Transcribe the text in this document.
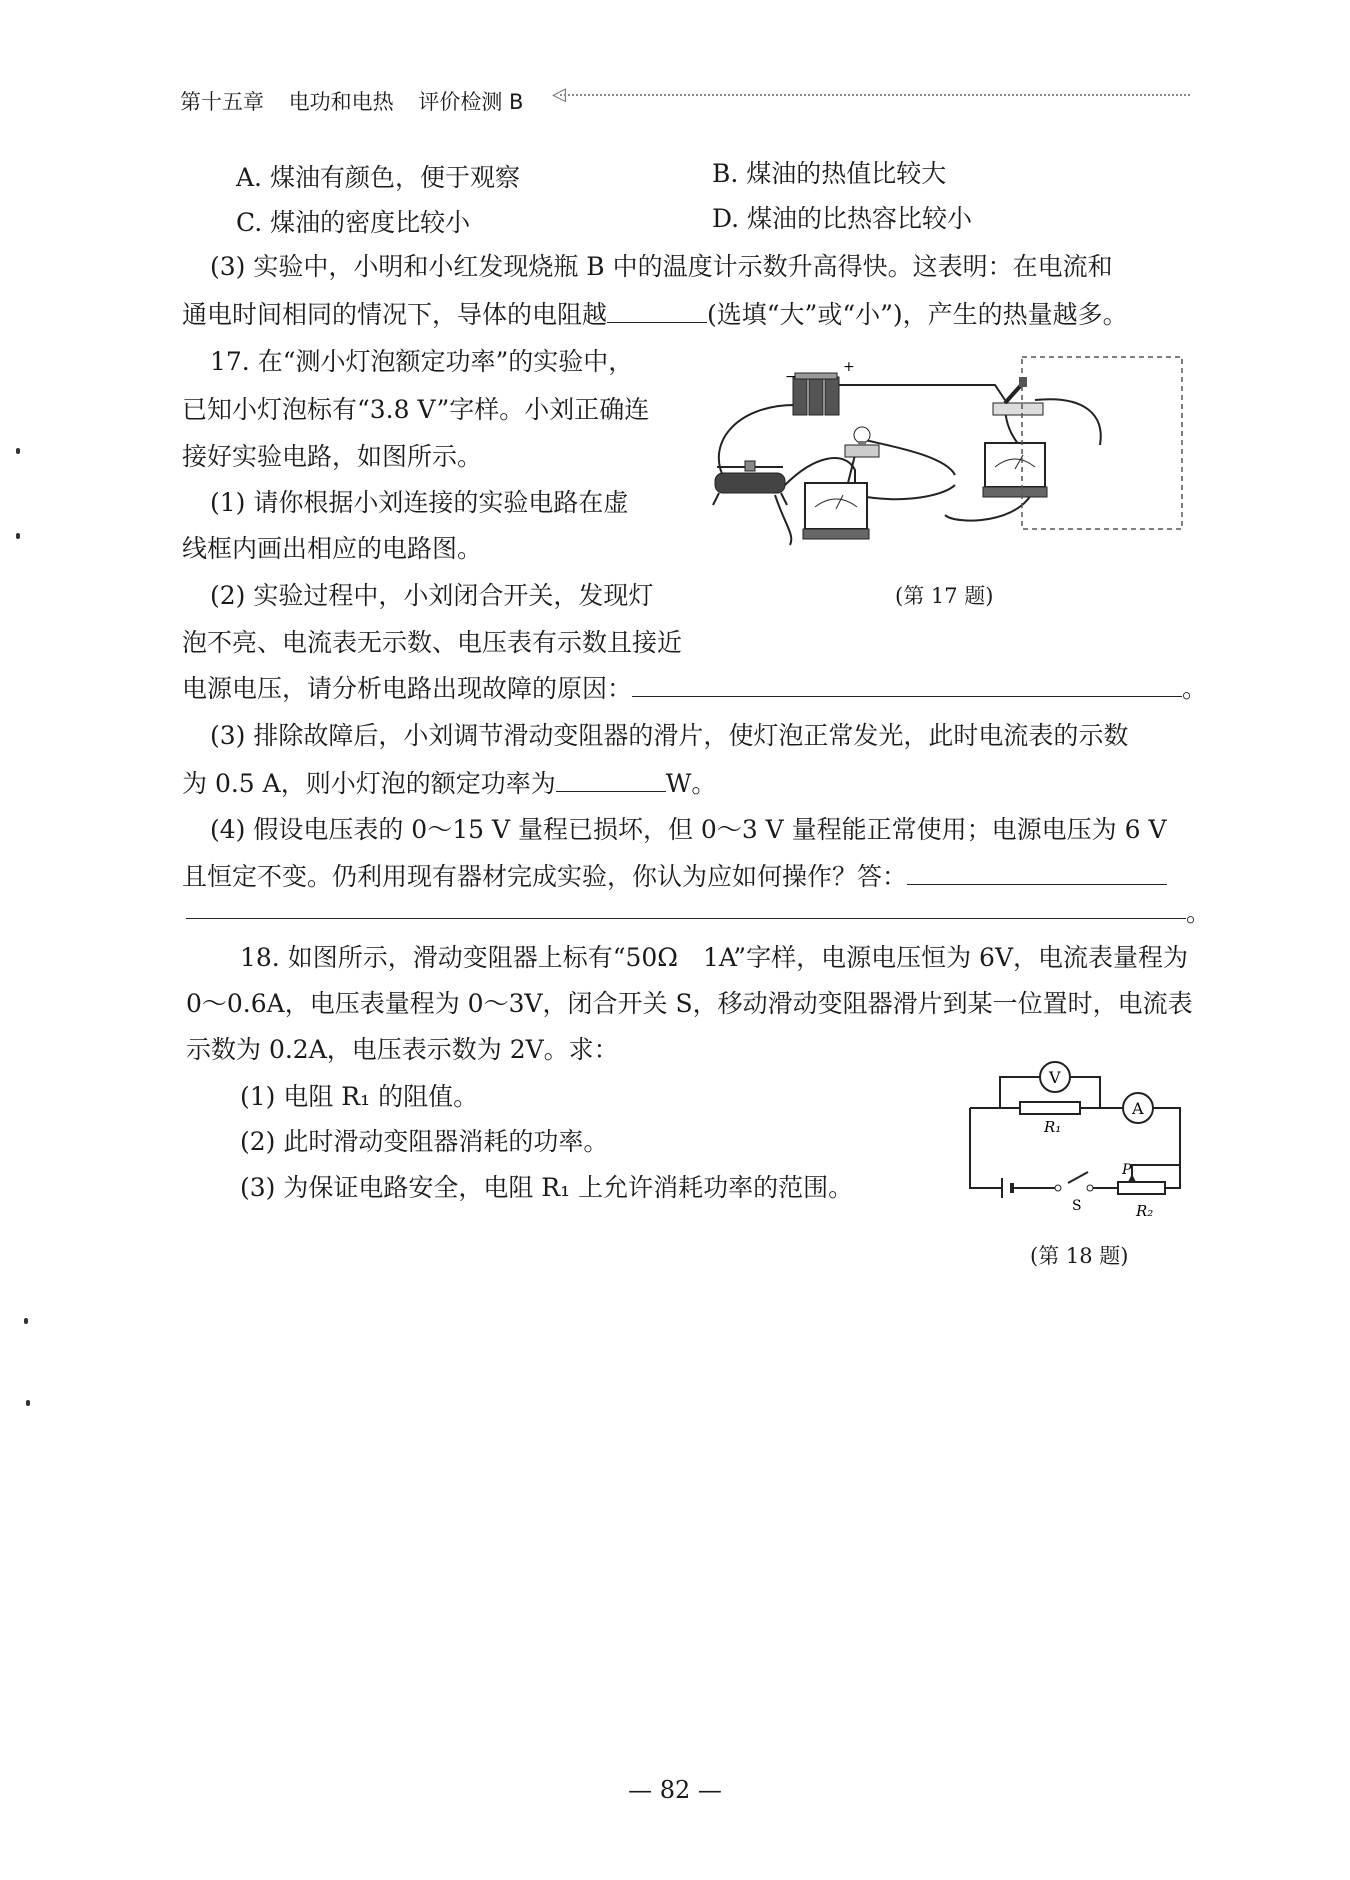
第十五章 电功和电热 评价检测 B	◁
A. 煤油有颜色，便于观察	B. 煤油的热值比较大
C. 煤油的密度比较小	D. 煤油的比热容比较小
(3) 实验中，小明和小红发现烧瓶 B 中的温度计示数升高得快。这表明：在电流和
通电时间相同的情况下，导体的电阻越	(选填“大”或“小”)，产生的热量越多。
17. 在“测小灯泡额定功率”的实验中，
已知小灯泡标有“3.8 V”字样。小刘正确连
接好实验电路，如图所示。
(1) 请你根据小刘连接的实验电路在虚
线框内画出相应的电路图。
(2) 实验过程中，小刘闭合开关，发现灯
泡不亮、电流表无示数、电压表有示数且接近
电源电压，请分析电路出现故障的原因：	。
(3) 排除故障后，小刘调节滑动变阻器的滑片，使灯泡正常发光，此时电流表的示数
为 0.5 A，则小灯泡的额定功率为	W。
(4) 假设电压表的 0～15 V 量程已损坏，但 0～3 V 量程能正常使用；电源电压为 6 V
且恒定不变。仍利用现有器材完成实验，你认为应如何操作？答：
。
+
−
(第 17 题)
18. 如图所示，滑动变阻器上标有“50Ω　1A”字样，电源电压恒为 6V，电流表量程为
0～0.6A，电压表量程为 0～3V，闭合开关 S，移动滑动变阻器滑片到某一位置时，电流表
示数为 0.2A，电压表示数为 2V。求：
(1) 电阻 R₁ 的阻值。
(2) 此时滑动变阻器消耗的功率。
(3) 为保证电路安全，电阻 R₁ 上允许消耗功率的范围。
V
R₁
A
S
P
R₂
(第 18 题)
— 82 —
